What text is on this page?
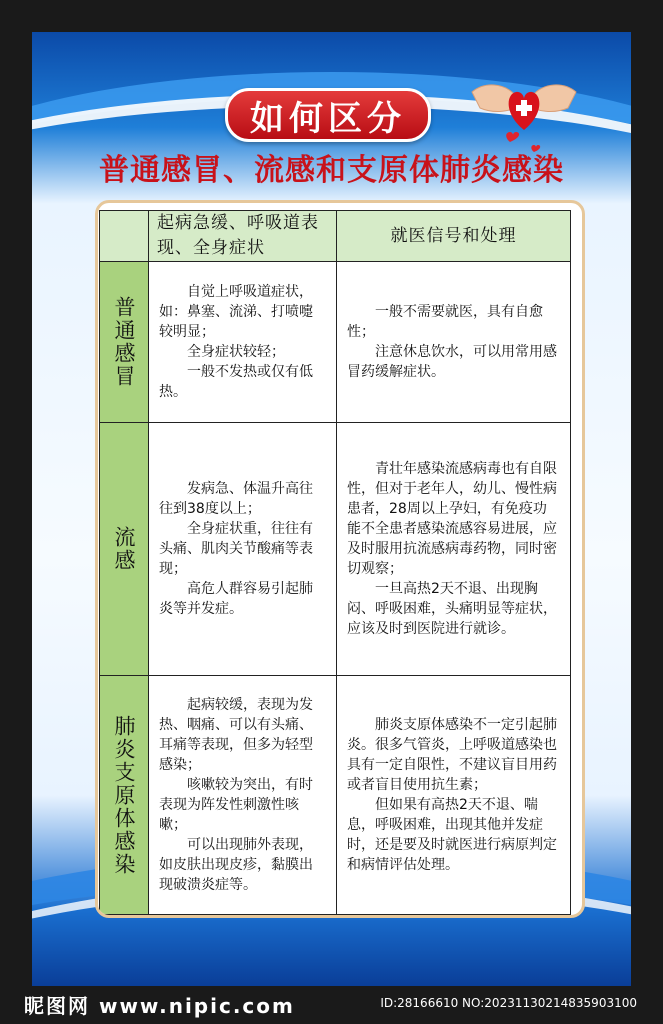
如何区分
普通感冒、流感和支原体肺炎感染
起病急缓、呼吸道表现、全身症状
就医信号和处理
普通感冒
　　自觉上呼吸道症状，如：鼻塞、流涕、打喷嚏较明显；
　　全身症状较轻；
　　一般不发热或仅有低热。
　　一般不需要就医，具有自愈性；
　　注意休息饮水，可以用常用感冒药缓解症状。
流感
　　发病急、体温升高往往到38度以上；
　　全身症状重，往往有头痛、肌肉关节酸痛等表现；
　　高危人群容易引起肺炎等并发症。
　　青壮年感染流感病毒也有自限性，但对于老年人，幼儿、慢性病患者，28周以上孕妇，有免疫功能不全患者感染流感容易进展，应及时服用抗流感病毒药物，同时密切观察；
　　一旦高热2天不退、出现胸闷、呼吸困难，头痛明显等症状，应该及时到医院进行就诊。
肺炎支原体感染
　　起病较缓，表现为发热、咽痛、可以有头痛、耳痛等表现，但多为轻型感染；
　　咳嗽较为突出，有时表现为阵发性刺激性咳嗽；
　　可以出现肺外表现，如皮肤出现皮疹，黏膜出现破溃炎症等。
　　肺炎支原体感染不一定引起肺炎。很多气管炎，上呼吸道感染也具有一定自限性，不建议盲目用药或者盲目使用抗生素；
　　但如果有高热2天不退、喘息，呼吸困难，出现其他并发症时，还是要及时就医进行病原判定和病情评估处理。
昵图网 www.nipic.com	ID:28166610 NO:20231130214835903100
